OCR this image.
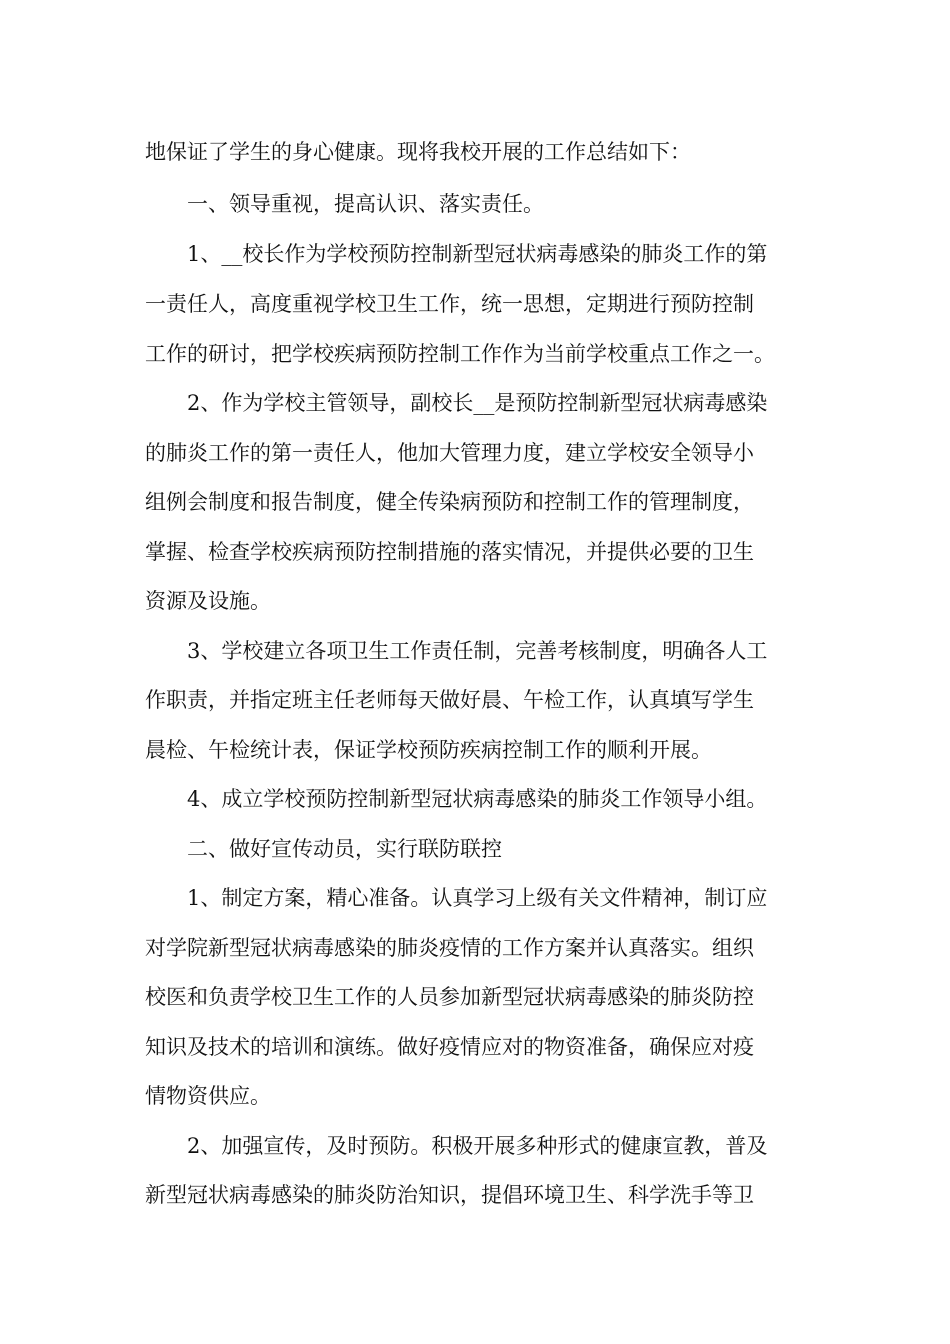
地保证了学生的身心健康。现将我校开展的工作总结如下：
一、领导重视，提高认识、落实责任。
1、__校长作为学校预防控制新型冠状病毒感染的肺炎工作的第
一责任人，高度重视学校卫生工作，统一思想，定期进行预防控制
工作的研讨，把学校疾病预防控制工作作为当前学校重点工作之一。
2、作为学校主管领导，副校长__是预防控制新型冠状病毒感染
的肺炎工作的第一责任人，他加大管理力度，建立学校安全领导小
组例会制度和报告制度，健全传染病预防和控制工作的管理制度，
掌握、检查学校疾病预防控制措施的落实情况，并提供必要的卫生
资源及设施。
3、学校建立各项卫生工作责任制，完善考核制度，明确各人工
作职责，并指定班主任老师每天做好晨、午检工作，认真填写学生
晨检、午检统计表，保证学校预防疾病控制工作的顺利开展。
4、成立学校预防控制新型冠状病毒感染的肺炎工作领导小组。
二、做好宣传动员，实行联防联控
1、制定方案，精心准备。认真学习上级有关文件精神，制订应
对学院新型冠状病毒感染的肺炎疫情的工作方案并认真落实。组织
校医和负责学校卫生工作的人员参加新型冠状病毒感染的肺炎防控
知识及技术的培训和演练。做好疫情应对的物资准备，确保应对疫
情物资供应。
2、加强宣传，及时预防。积极开展多种形式的健康宣教，普及
新型冠状病毒感染的肺炎防治知识，提倡环境卫生、科学洗手等卫
